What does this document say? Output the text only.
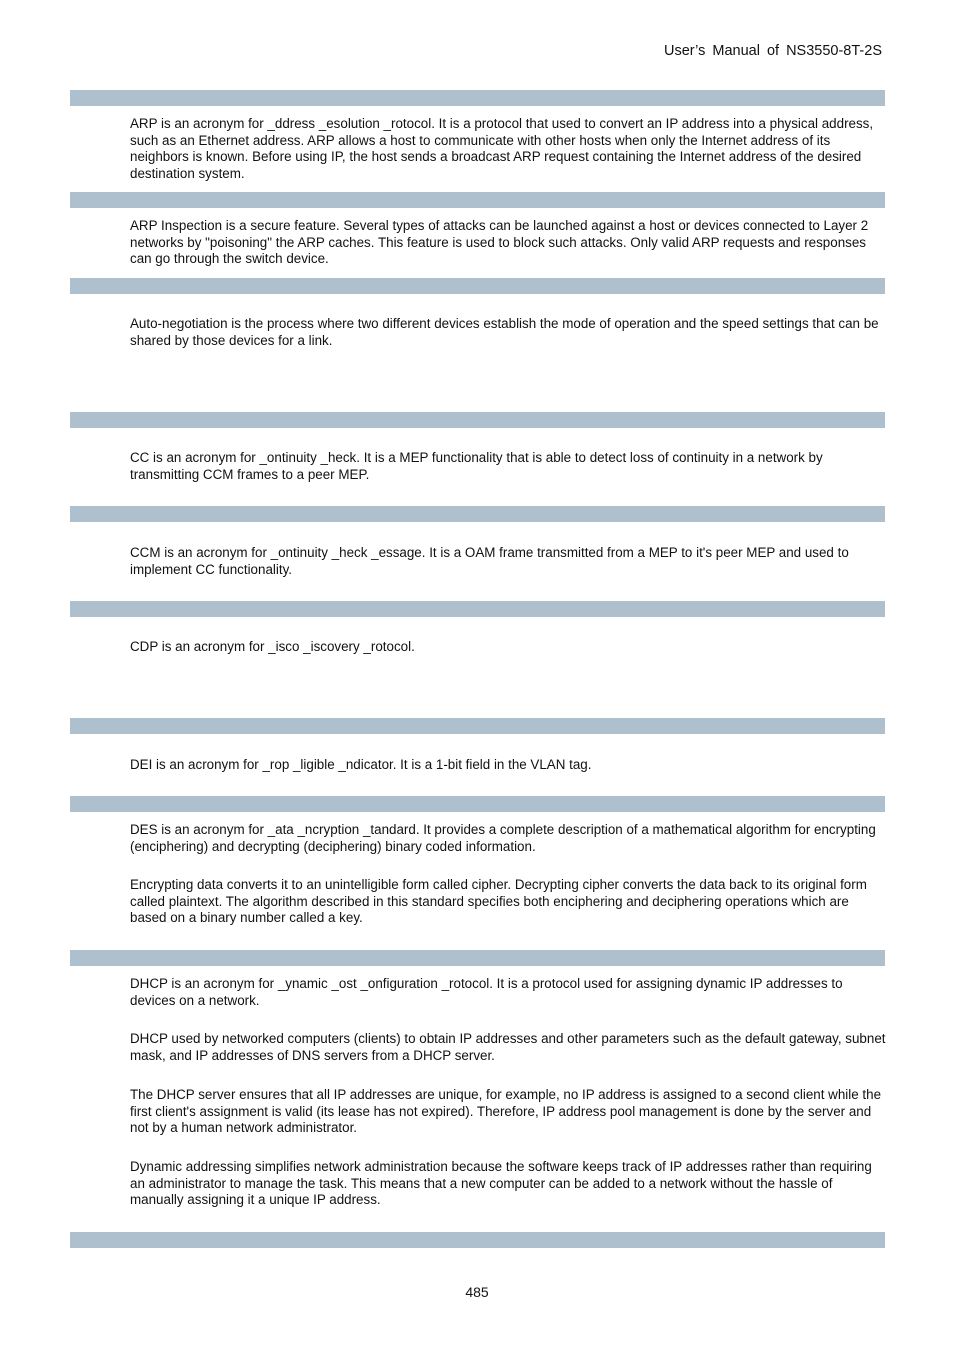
User’s Manual of NS3550-8T-2S

ARP is an acronym for _ddress _esolution _rotocol. It is a protocol that used to convert an IP address into a physical address, such as an Ethernet address. ARP allows a host to communicate with other hosts when only the Internet address of its neighbors is known. Before using IP, the host sends a broadcast ARP request containing the Internet address of the desired destination system.

ARP Inspection is a secure feature. Several types of attacks can be launched against a host or devices connected to Layer 2 networks by "poisoning" the ARP caches. This feature is used to block such attacks. Only valid ARP requests and responses can go through the switch device.

Auto-negotiation is the process where two different devices establish the mode of operation and the speed settings that can be shared by those devices for a link.

CC is an acronym for _ontinuity _heck. It is a MEP functionality that is able to detect loss of continuity in a network by transmitting CCM frames to a peer MEP.

CCM is an acronym for _ontinuity _heck _essage. It is a OAM frame transmitted from a MEP to it's peer MEP and used to implement CC functionality.

CDP is an acronym for _isco _iscovery _rotocol.

DEI is an acronym for _rop _ligible _ndicator. It is a 1-bit field in the VLAN tag.

DES is an acronym for _ata _ncryption _tandard. It provides a complete description of a mathematical algorithm for encrypting (enciphering) and decrypting (deciphering) binary coded information.

Encrypting data converts it to an unintelligible form called cipher. Decrypting cipher converts the data back to its original form called plaintext. The algorithm described in this standard specifies both enciphering and deciphering operations which are based on a binary number called a key.

DHCP is an acronym for _ynamic _ost _onfiguration _rotocol. It is a protocol used for assigning dynamic IP addresses to devices on a network.

DHCP used by networked computers (clients) to obtain IP addresses and other parameters such as the default gateway, subnet mask, and IP addresses of DNS servers from a DHCP server.

The DHCP server ensures that all IP addresses are unique, for example, no IP address is assigned to a second client while the first client's assignment is valid (its lease has not expired). Therefore, IP address pool management is done by the server and not by a human network administrator.

Dynamic addressing simplifies network administration because the software keeps track of IP addresses rather than requiring an administrator to manage the task. This means that a new computer can be added to a network without the hassle of manually assigning it a unique IP address.

485
